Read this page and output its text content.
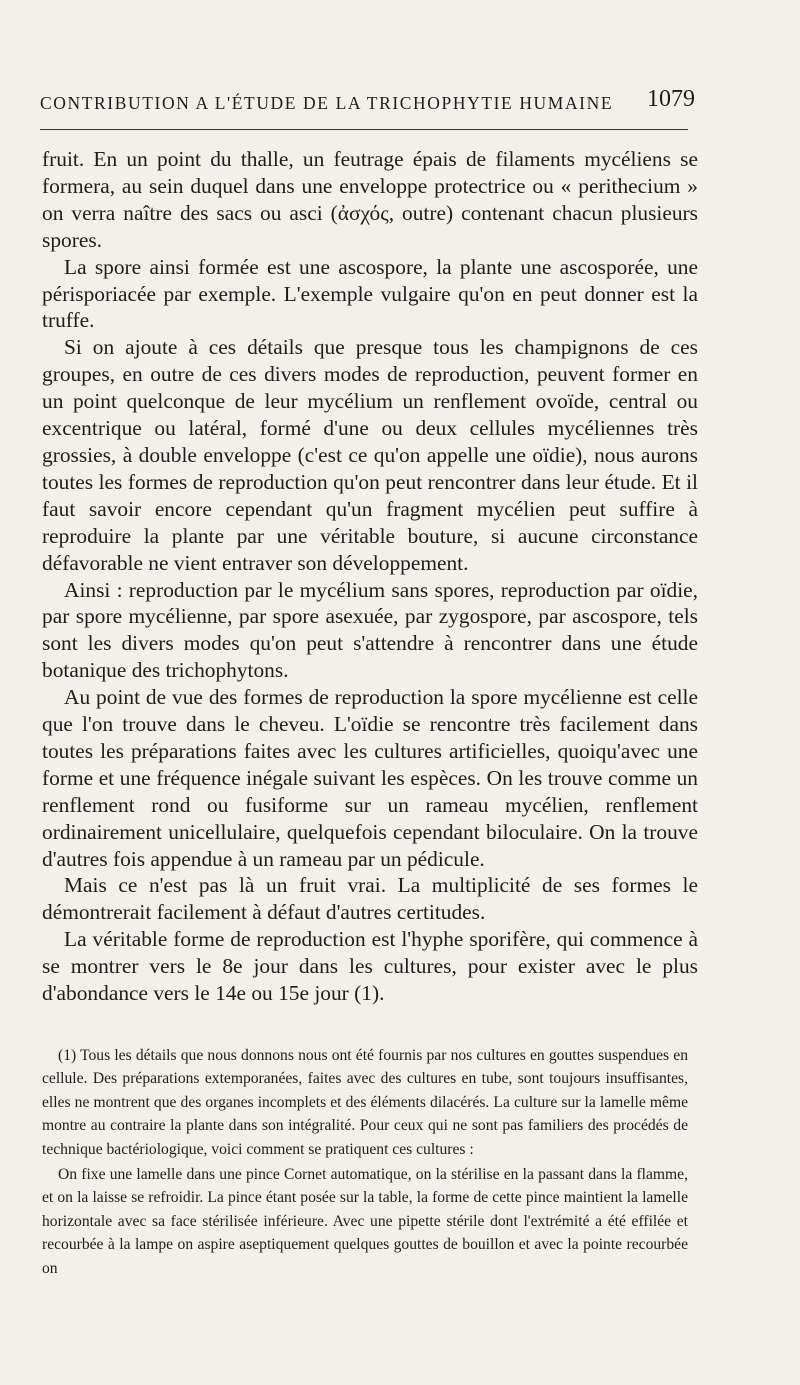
CONTRIBUTION A L'ÉTUDE DE LA TRICHOPHYTIE HUMAINE 1079

fruit. En un point du thalle, un feutrage épais de filaments mycéliens se formera, au sein duquel dans une enveloppe protectrice ou « perithecium » on verra naître des sacs ou asci (ἀσχός, outre) contenant chacun plusieurs spores.

La spore ainsi formée est une ascospore, la plante une ascosporée, une périsporiacée par exemple. L'exemple vulgaire qu'on en peut donner est la truffe.

Si on ajoute à ces détails que presque tous les champignons de ces groupes, en outre de ces divers modes de reproduction, peuvent former en un point quelconque de leur mycélium un renflement ovoïde, central ou excentrique ou latéral, formé d'une ou deux cellules mycéliennes très grossies, à double enveloppe (c'est ce qu'on appelle une oïdie), nous aurons toutes les formes de reproduction qu'on peut rencontrer dans leur étude. Et il faut savoir encore cependant qu'un fragment mycélien peut suffire à reproduire la plante par une véritable bouture, si aucune circonstance défavorable ne vient entraver son développement.

Ainsi : reproduction par le mycélium sans spores, reproduction par oïdie, par spore mycélienne, par spore asexuée, par zygospore, par ascospore, tels sont les divers modes qu'on peut s'attendre à rencontrer dans une étude botanique des trichophytons.

Au point de vue des formes de reproduction la spore mycélienne est celle que l'on trouve dans le cheveu. L'oïdie se rencontre très facilement dans toutes les préparations faites avec les cultures artificielles, quoiqu'avec une forme et une fréquence inégale suivant les espèces. On les trouve comme un renflement rond ou fusiforme sur un rameau mycélien, renflement ordinairement unicellulaire, quelquefois cependant biloculaire. On la trouve d'autres fois appendue à un rameau par un pédicule.

Mais ce n'est pas là un fruit vrai. La multiplicité de ses formes le démontrerait facilement à défaut d'autres certitudes.

La véritable forme de reproduction est l'hyphe sporifère, qui commence à se montrer vers le 8e jour dans les cultures, pour exister avec le plus d'abondance vers le 14e ou 15e jour (1).

(1) Tous les détails que nous donnons nous ont été fournis par nos cultures en gouttes suspendues en cellule. Des préparations extemporanées, faites avec des cultures en tube, sont toujours insuffisantes, elles ne montrent que des organes incomplets et des éléments dilacérés. La culture sur la lamelle même montre au contraire la plante dans son intégralité. Pour ceux qui ne sont pas familiers des procédés de technique bactériologique, voici comment se pratiquent ces cultures :

On fixe une lamelle dans une pince Cornet automatique, on la stérilise en la passant dans la flamme, et on la laisse se refroidir. La pince étant posée sur la table, la forme de cette pince maintient la lamelle horizontale avec sa face stérilisée inférieure. Avec une pipette stérile dont l'extrémité a été effilée et recourbée à la lampe on aspire aseptiquement quelques gouttes de bouillon et avec la pointe recourbée on
